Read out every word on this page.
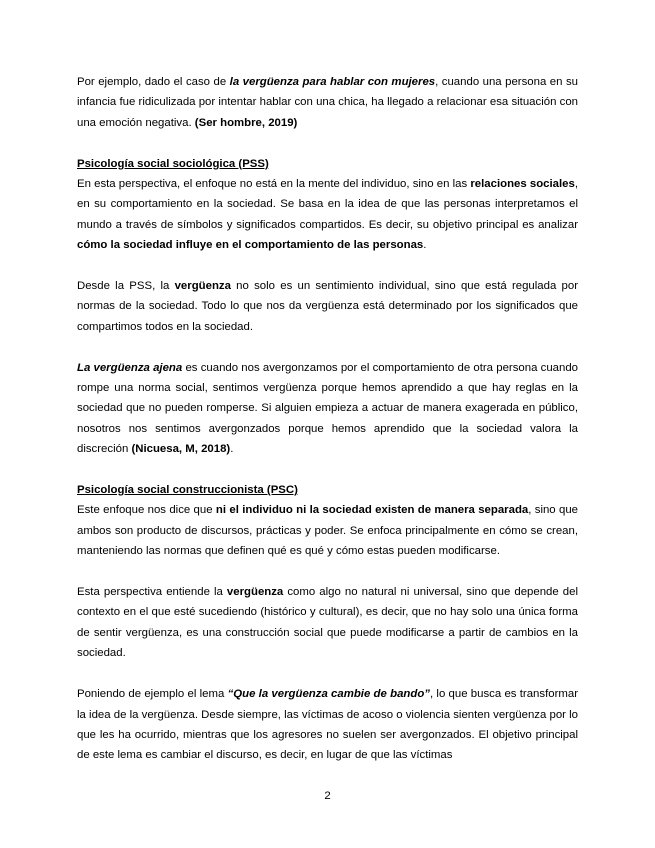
Por ejemplo, dado el caso de la vergüenza para hablar con mujeres, cuando una persona en su infancia fue ridiculizada por intentar hablar con una chica, ha llegado a relacionar esa situación con una emoción negativa. (Ser hombre, 2019)

Psicología social sociológica (PSS)

En esta perspectiva, el enfoque no está en la mente del individuo, sino en las relaciones sociales, en su comportamiento en la sociedad. Se basa en la idea de que las personas interpretamos el mundo a través de símbolos y significados compartidos. Es decir, su objetivo principal es analizar cómo la sociedad influye en el comportamiento de las personas.

Desde la PSS, la vergüenza no solo es un sentimiento individual, sino que está regulada por normas de la sociedad. Todo lo que nos da vergüenza está determinado por los significados que compartimos todos en la sociedad.

La vergüenza ajena es cuando nos avergonzamos por el comportamiento de otra persona cuando rompe una norma social, sentimos vergüenza porque hemos aprendido a que hay reglas en la sociedad que no pueden romperse. Si alguien empieza a actuar de manera exagerada en público, nosotros nos sentimos avergonzados porque hemos aprendido que la sociedad valora la discreción (Nicuesa, M, 2018).

Psicología social construccionista (PSC)

Este enfoque nos dice que ni el individuo ni la sociedad existen de manera separada, sino que ambos son producto de discursos, prácticas y poder. Se enfoca principalmente en cómo se crean, manteniendo las normas que definen qué es qué y cómo estas pueden modificarse.

Esta perspectiva entiende la vergüenza como algo no natural ni universal, sino que depende del contexto en el que esté sucediendo (histórico y cultural), es decir, que no hay solo una única forma de sentir vergüenza, es una construcción social que puede modificarse a partir de cambios en la sociedad.

Poniendo de ejemplo el lema “Que la vergüenza cambie de bando”, lo que busca es transformar la idea de la vergüenza. Desde siempre, las víctimas de acoso o violencia sienten vergüenza por lo que les ha ocurrido, mientras que los agresores no suelen ser avergonzados. El objetivo principal de este lema es cambiar el discurso, es decir, en lugar de que las víctimas

2
